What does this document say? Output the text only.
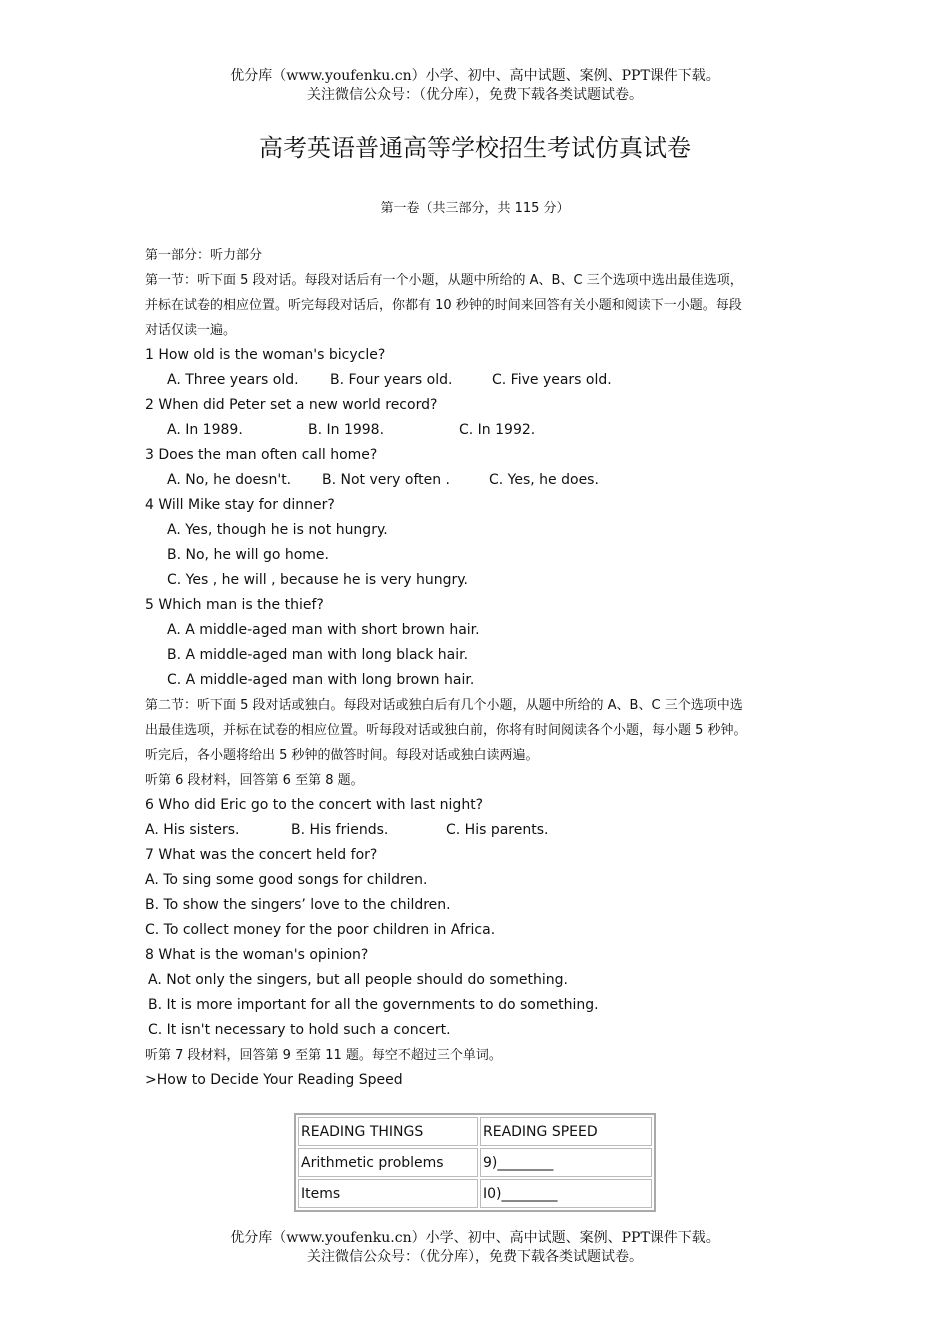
优分库（www.youfenku.cn）小学、初中、高中试题、案例、PPT课件下载。
关注微信公众号：（优分库），免费下载各类试题试卷。
高考英语普通高等学校招生考试仿真试卷
第一卷（共三部分，共 115 分）
第一部分：听力部分
第一节：听下面 5 段对话。每段对话后有一个小题，从题中所给的 A、B、C 三个选项中选出最佳选项，
并标在试卷的相应位置。听完每段对话后，你都有 10 秒钟的时间来回答有关小题和阅读下一小题。每段
对话仅读一遍。
1 How old is the woman's bicycle?
A. Three years old. B. Four years old.	C. Five years old.
2 When did Peter set a new world record?
A. In 1989.	B. In 1998.	C. In 1992.
3 Does the man often call home?
A. No, he doesn't. B. Not very often .	C. Yes, he does.
4 Will Mike stay for dinner?
A. Yes, though he is not hungry.
B. No, he will go home.
C. Yes , he will , because he is very hungry.
5 Which man is the thief?
A. A middle-aged man with short brown hair.
B. A middle-aged man with long black hair.
C. A middle-aged man with long brown hair.
第二节：听下面 5 段对话或独白。每段对话或独白后有几个小题，从题中所给的 A、B、C 三个选项中选
出最佳选项，并标在试卷的相应位置。听每段对话或独白前，你将有时间阅读各个小题，每小题 5 秒钟。
听完后，各小题将给出 5 秒钟的做答时间。每段对话或独白读两遍。
听第 6 段材料，回答第 6 至第 8 题。
6 Who did Eric go to the concert with last night?
A. His sisters.	B. His friends.	C. His parents.
7 What was the concert held for?
A. To sing some good songs for children.
B. To show the singers’ love to the children.
C. To collect money for the poor children in Africa.
8 What is the woman's opinion?
A. Not only the singers, but all people should do something.
B. It is more important for all the governments to do something.
C. It isn't necessary to hold such a concert.
听第 7 段材料，回答第 9 至第 11 题。每空不超过三个单词。
>How to Decide Your Reading Speed
READING THINGS	READING SPEED
Arithmetic problems	9)________
Items	I0)________
优分库（www.youfenku.cn）小学、初中、高中试题、案例、PPT课件下载。
关注微信公众号：（优分库），免费下载各类试题试卷。
